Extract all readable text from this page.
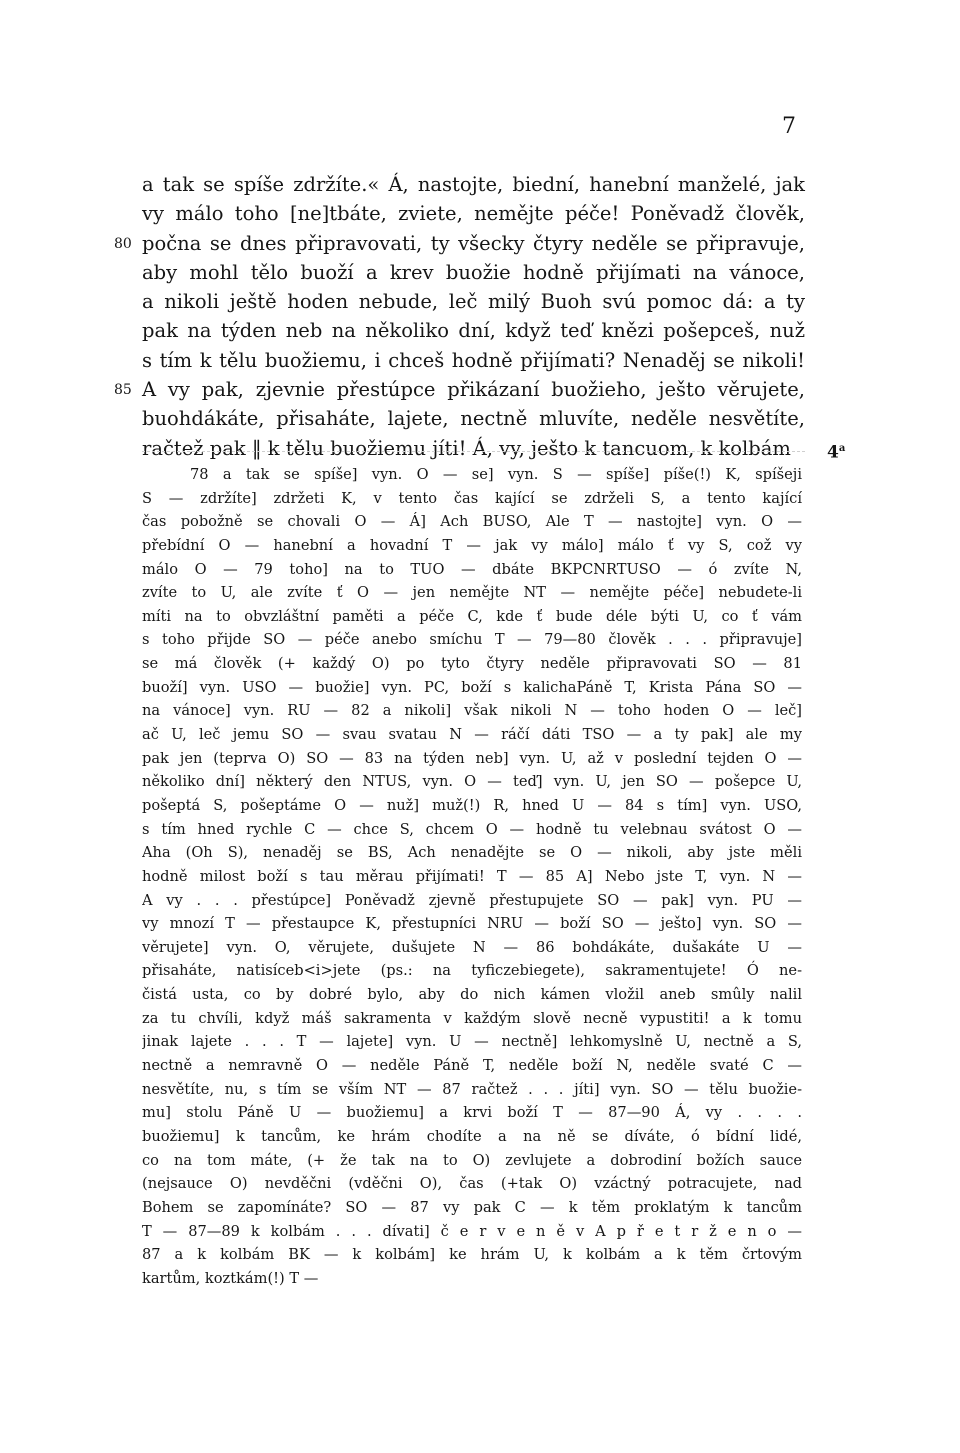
7
a tak se spíše zdržíte.« Á, nastojte, biední, hanební manželé, jak
vy málo toho [ne]tbáte, zviete, nemějte péče! Poněvadž člověk,
80 počna se dnes připravovati, ty všecky čtyry neděle se připravuje,
aby mohl tělo buoží a krev buožie hodně přijímati na vánoce,
a nikoli ještě hoden nebude, leč milý Buoh svú pomoc dá: a ty
pak na týden neb na několiko dní, když teď knězi pošepceš, nuž
s tím k tělu buožiemu, i chceš hodně přijímati? Nenaděj se nikoli!
85 A vy pak, zjevnie přestúpce přikázaní buožieho, ješto věrujete,
buohdákáte, přisaháte, lajete, nectně mluvíte, neděle nesvětíte,
račtež pak ‖ k tělu buožiemu jíti! Á, vy, ješto k tancuom, k kolbám	4$^a$
78 a tak se spíše] vyn. O — se] vyn. S — spíše] píše(!) K, spíšeji
S — zdržíte] zdržeti K, v tento čas kající se zdrželi S, a tento kající
čas pobožně se chovali O — Á] Ach BUSO, Ale T — nastojte] vyn. O —
přebídní O — hanební a hovadní T — jak vy málo] málo ť vy S, což vy
málo O — 79 toho] na to TUO — dbáte BKPCNRTUSO — ó zvíte N,
zvíte to U, ale zvíte ť O — jen nemějte NT — nemějte péče] nebudete-li
míti na to obvzláštní paměti a péče C, kde ť bude déle býti U, co ť vám
s toho přijde SO — péče anebo smíchu T — 79—80 člověk . . . připravuje]
se má člověk (+ každý O) po tyto čtyry neděle připravovati SO — 81
buoží] vyn. USO — buožie] vyn. PC, boží s kalichaPáně T, Krista Pána SO —
na vánoce] vyn. RU — 82 a nikoli] však nikoli N — toho hoden O — leč]
ač U, leč jemu SO — svau svatau N — ráčí dáti TSO — a ty pak] ale my
pak jen (teprva O) SO — 83 na týden neb] vyn. U, až v poslední tejden O —
několiko dní] některý den NTUS, vyn. O — teď] vyn. U, jen SO — pošepce U,
pošeptá S, pošeptáme O — nuž] muž(!) R, hned U — 84 s tím] vyn. USO,
s tím hned rychle C — chce S, chcem O — hodně tu velebnau svátost O —
Aha (Oh S), nenaděj se BS, Ach nenadějte se O — nikoli, aby jste měli
hodně milost boží s tau měrau přijímati! T — 85 A] Nebo jste T, vyn. N —
A vy . . . přestúpce] Poněvadž zjevně přestupujete SO — pak] vyn. PU —
vy mnozí T — přestaupce K, přestupníci NRU — boží SO — ješto] vyn. SO —
věrujete] vyn. O, věrujete, dušujete N — 86 bohdákáte, dušakáte U —
přisaháte, natisíceb<i>jete (ps.: na tyficzebiegete), sakramentujete! Ó ne-
čistá usta, co by dobré bylo, aby do nich kámen vložil aneb smûly nalil
za tu chvíli, když máš sakramenta v každým slově necně vypustiti! a k tomu
jinak lajete . . . T — lajete] vyn. U — nectně] lehkomyslně U, nectně a S,
nectně a nemravně O — neděle Páně T, neděle boží N, neděle svaté C —
nesvětíte, nu, s tím se vším NT — 87 račtež . . . jíti] vyn. SO — tělu buožie-
mu] stolu Páně U — buožiemu] a krvi boží T — 87—90 Á, vy . . . .
buožiemu] k tancům, ke hrám chodíte a na ně se díváte, ó bídní lidé,
co na tom máte, (+ že tak na to O) zevlujete a dobrodiní božích sauce
(nejsauce O) nevděčni (vděčni O), čas (+tak O) vzáctný potracujete, nad
Bohem se zapomínáte? SO — 87 vy pak C — k těm proklatým k tancům
T — 87—89 k kolbám . . . dívati] č e r v e n ě v A p ř e t r ž e n o —
87 a k kolbám BK — k kolbám] ke hrám U, k kolbám a k těm črtovým
kartům, koztkám(!) T —
